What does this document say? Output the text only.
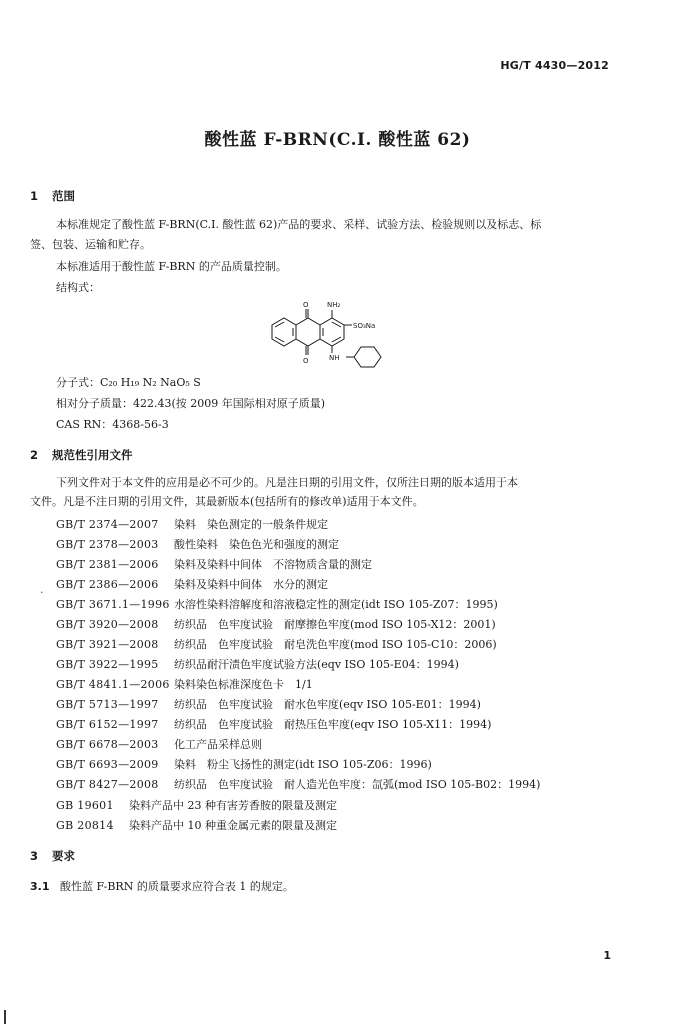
HG/T 4430—2012
酸性蓝 F-BRN(C.I. 酸性蓝 62)
1 范围
本标准规定了酸性蓝 F-BRN(C.I. 酸性蓝 62)产品的要求、采样、试验方法、检验规则以及标志、标
签、包装、运输和贮存。
本标准适用于酸性蓝 F-BRN 的产品质量控制。
结构式：
O	NH₂
SO₃Na
O	NH
分子式：C₂₀ H₁₉ N₂ NaO₅ S
相对分子质量：422.43(按 2009 年国际相对原子质量)
CAS RN：4368-56-3
2 规范性引用文件
下列文件对于本文件的应用是必不可少的。凡是注日期的引用文件，仅所注日期的版本适用于本
文件。凡是不注日期的引用文件，其最新版本(包括所有的修改单)适用于本文件。
GB/T 2374—2007 染料　染色测定的一般条件规定
GB/T 2378—2003 酸性染料　染色色光和强度的测定
GB/T 2381—2006 染料及染料中间体　不溶物质含量的测定
GB/T 2386—2006 染料及染料中间体　水分的测定
GB/T 3671.1—1996 水溶性染料溶解度和溶液稳定性的测定(idt ISO 105-Z07：1995)
GB/T 3920—2008 纺织品　色牢度试验　耐摩擦色牢度(mod ISO 105-X12：2001)
GB/T 3921—2008 纺织品　色牢度试验　耐皂洗色牢度(mod ISO 105-C10：2006)
GB/T 3922—1995 纺织品耐汗渍色牢度试验方法(eqv ISO 105-E04：1994)
GB/T 4841.1—2006 染料染色标准深度色卡　1/1
GB/T 5713—1997 纺织品　色牢度试验　耐水色牢度(eqv ISO 105-E01：1994)
GB/T 6152—1997 纺织品　色牢度试验　耐热压色牢度(eqv ISO 105-X11：1994)
GB/T 6678—2003 化工产品采样总则
GB/T 6693—2009 染料　粉尘飞扬性的测定(idt ISO 105-Z06：1996)
GB/T 8427—2008 纺织品　色牢度试验　耐人造光色牢度：氙弧(mod ISO 105-B02：1994)
GB 19601 染料产品中 23 种有害芳香胺的限量及测定
GB 20814 染料产品中 10 种重金属元素的限量及测定
.
3 要求
3.1 酸性蓝 F-BRN 的质量要求应符合表 1 的规定。
1
